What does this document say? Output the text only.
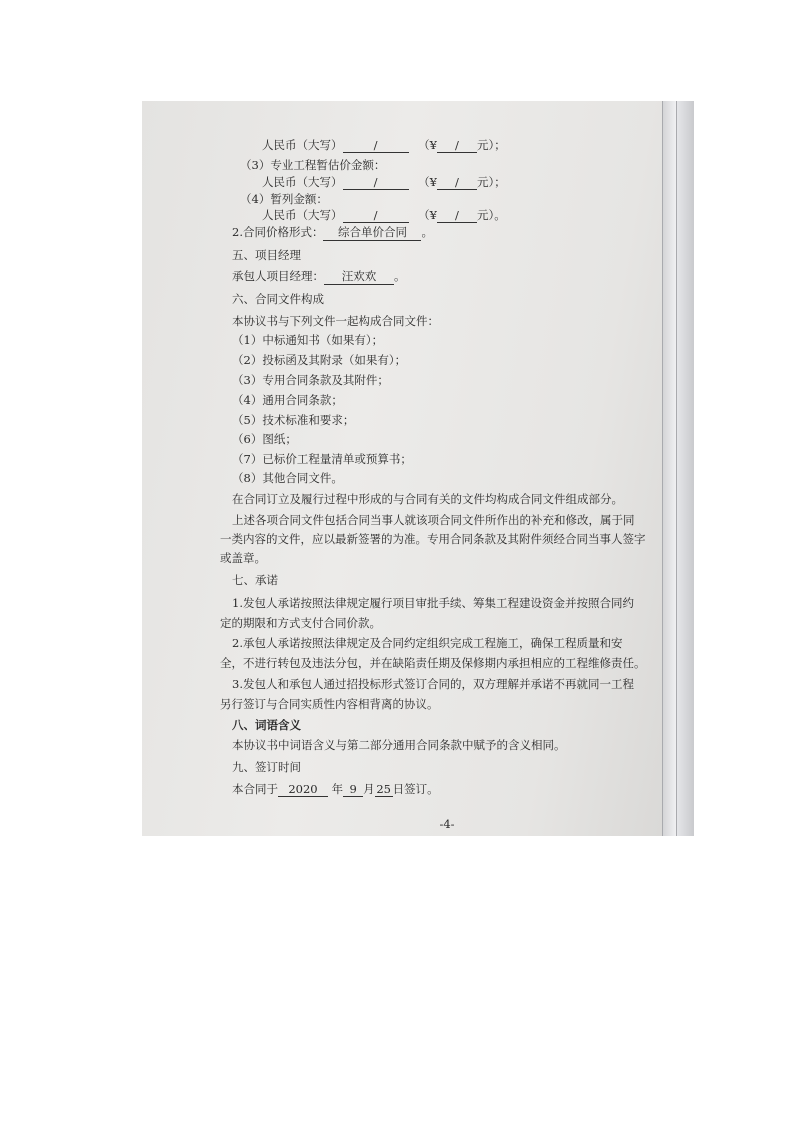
人民币（大写）	/	（¥ / 元）；
（3）专业工程暂估价金额：
人民币（大写）	/	（¥ / 元）；
（4）暂列金额：
人民币（大写）	/	（¥ / 元）。
2.合同价格形式： 综合单价合同 。
五、项目经理
承包人项目经理： 汪欢欢 。
六、合同文件构成
本协议书与下列文件一起构成合同文件：
（1）中标通知书（如果有）；
（2）投标函及其附录（如果有）；
（3）专用合同条款及其附件；
（4）通用合同条款；
（5）技术标准和要求；
（6）图纸；
（7）已标价工程量清单或预算书；
（8）其他合同文件。
在合同订立及履行过程中形成的与合同有关的文件均构成合同文件组成部分。
上述各项合同文件包括合同当事人就该项合同文件所作出的补充和修改，属于同
一类内容的文件，应以最新签署的为准。专用合同条款及其附件须经合同当事人签字
或盖章。
七、承诺
1.发包人承诺按照法律规定履行项目审批手续、筹集工程建设资金并按照合同约
定的期限和方式支付合同价款。
2.承包人承诺按照法律规定及合同约定组织完成工程施工，确保工程质量和安
全，不进行转包及违法分包，并在缺陷责任期及保修期内承担相应的工程维修责任。
3.发包人和承包人通过招投标形式签订合同的，双方理解并承诺不再就同一工程
另行签订与合同实质性内容相背离的协议。
八、词语含义
本协议书中词语含义与第二部分通用合同条款中赋予的含义相同。
九、签订时间
本合同于 2020 年 9 月 25 日签订。
-4-
